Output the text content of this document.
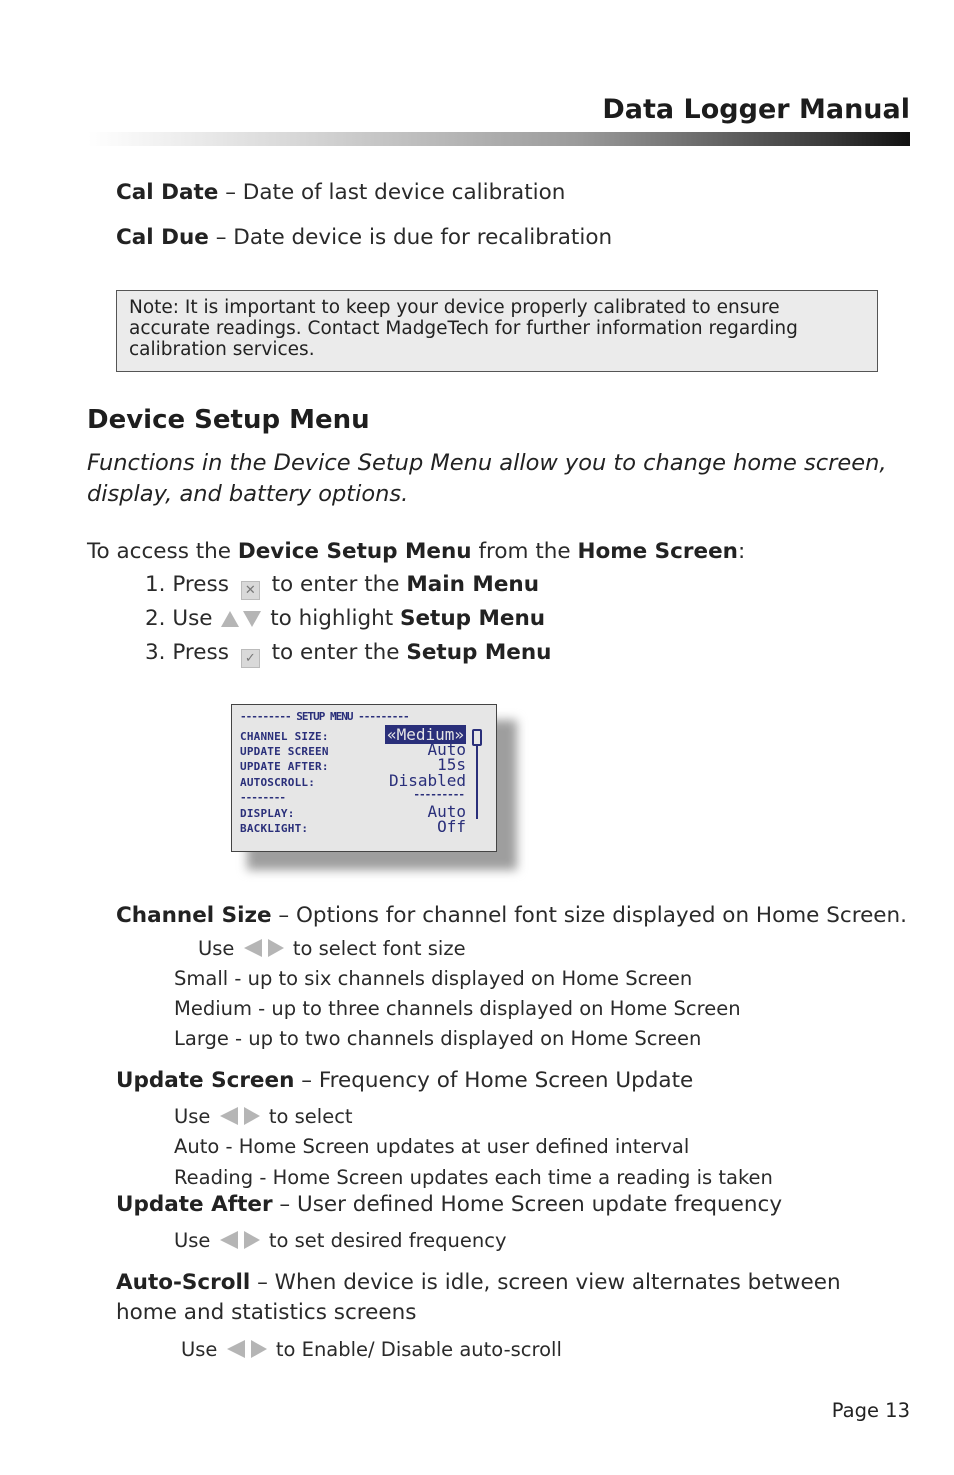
Data Logger Manual
Cal Date – Date of last device calibration
Cal Due – Date device is due for recalibration
Note: It is important to keep your device properly calibrated to ensure accurate readings. Contact MadgeTech for further information regarding calibration services.
Device Setup Menu
Functions in the Device Setup Menu allow you to change home screen, display, and battery options.
To access the Device Setup Menu from the Home Screen:
1. Press ✕ to enter the Main Menu
2. Use	to highlight Setup Menu
3. Press ✓ to enter the Setup Menu
--------- SETUP MENU ---------
CHANNEL SIZE:	«Medium»
UPDATE SCREEN	Auto
UPDATE AFTER:	15s
AUTOSCROLL:	Disabled
--------	---------
DISPLAY:	Auto
BACKLIGHT:	Off
Channel Size – Options for channel font size displayed on Home Screen.
Use	to select font size
Small - up to six channels displayed on Home Screen
Medium - up to three channels displayed on Home Screen
Large - up to two channels displayed on Home Screen
Update Screen – Frequency of Home Screen Update
Use	to select
Auto - Home Screen updates at user defined interval
Reading - Home Screen updates each time a reading is taken
Update After – User defined Home Screen update frequency
Use	to set desired frequency
Auto-Scroll – When device is idle, screen view alternates between
home and statistics screens
Use	to Enable/ Disable auto-scroll
Page 13
